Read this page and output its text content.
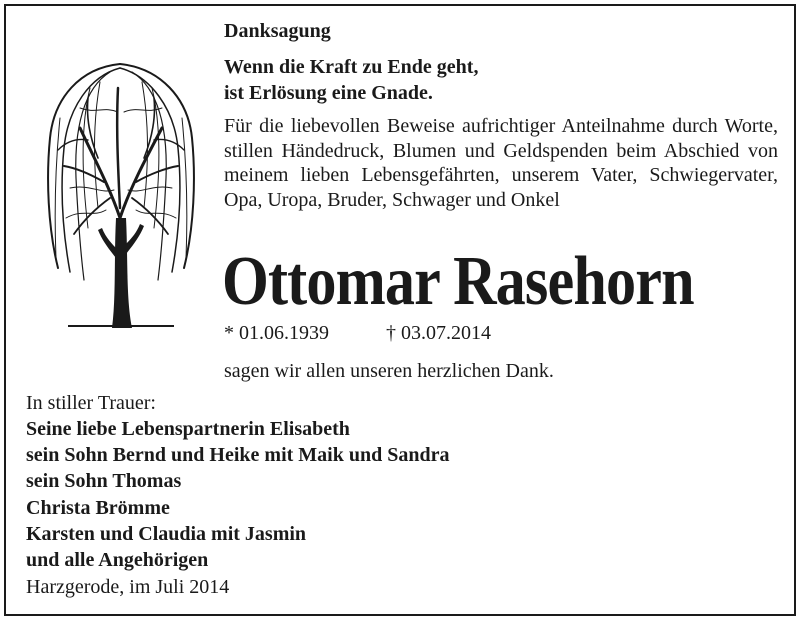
Danksagung
Wenn die Kraft zu Ende geht,
ist Erlösung eine Gnade.
Für die liebevollen Beweise aufrichtiger Anteilnahme durch Worte, stillen Händedruck, Blumen und Geldspenden beim Abschied von meinem lieben Lebensgefährten, unserem Vater, Schwiegervater, Opa, Uropa, Bruder, Schwager und Onkel
Ottomar Rasehorn
* 01.06.1939	† 03.07.2014
sagen wir allen unseren herzlichen Dank.
In stiller Trauer:
Seine liebe Lebenspartnerin Elisabeth
sein Sohn Bernd und Heike mit Maik und Sandra
sein Sohn Thomas
Christa Brömme
Karsten und Claudia mit Jasmin
und alle Angehörigen
Harzgerode, im Juli 2014
